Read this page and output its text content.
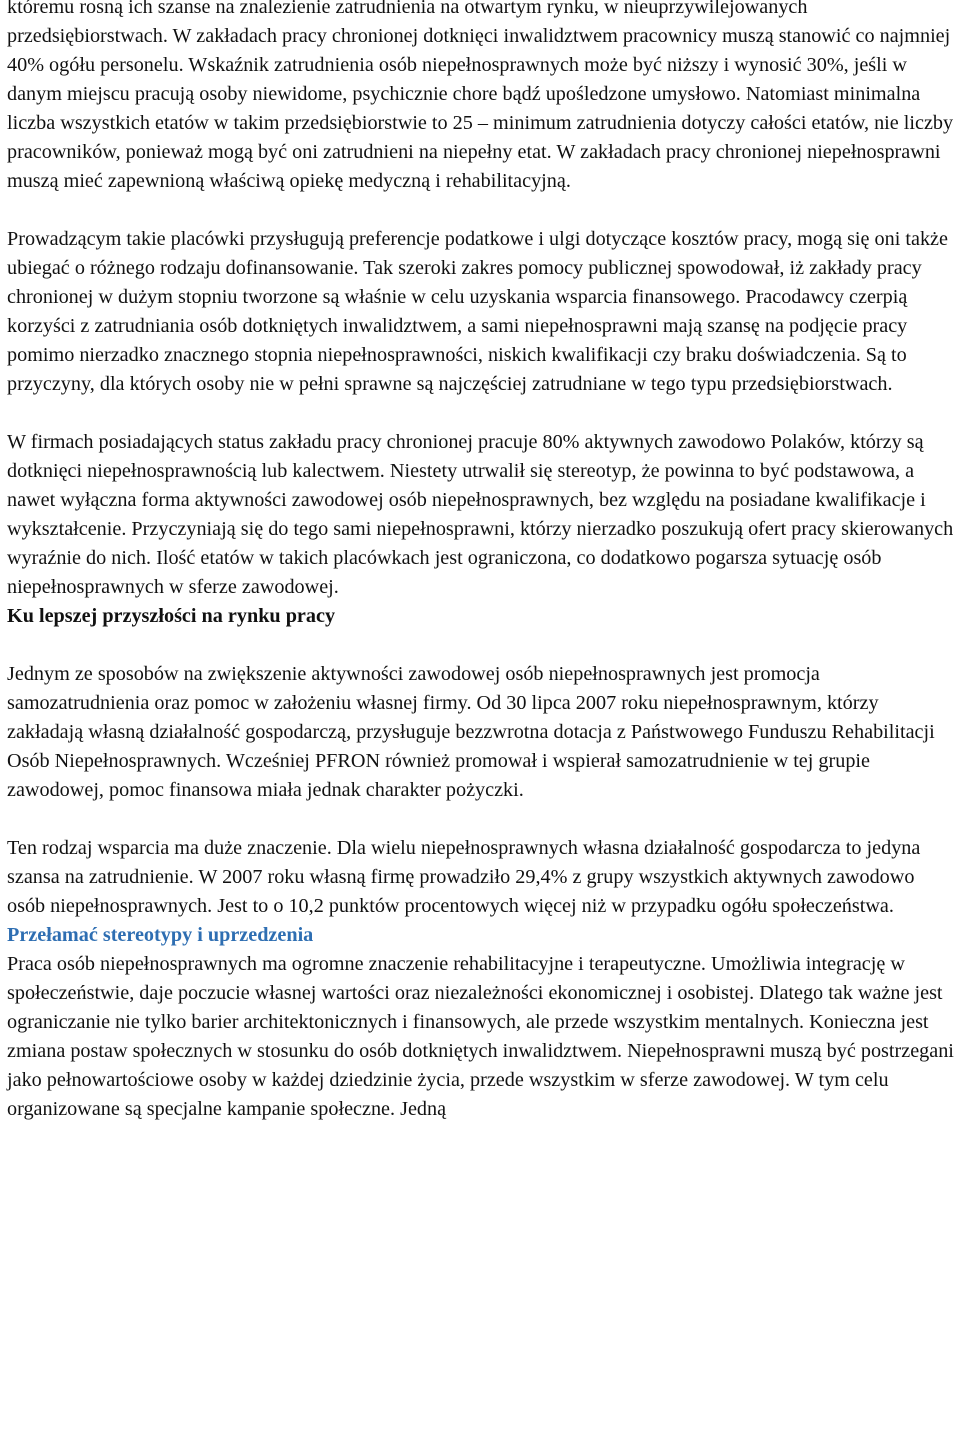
któremu rosną ich szanse na znalezienie zatrudnienia na otwartym rynku, w nieuprzywilejowanych przedsiębiorstwach. W zakładach pracy chronionej dotknięci inwalidztwem pracownicy muszą stanowić co najmniej 40% ogółu personelu. Wskaźnik zatrudnienia osób niepełnosprawnych może być niższy i wynosić 30%, jeśli w danym miejscu pracują osoby niewidome, psychicznie chore bądź upośledzone umysłowo. Natomiast minimalna liczba wszystkich etatów w takim przedsiębiorstwie to 25 – minimum zatrudnienia dotyczy całości etatów, nie liczby pracowników, ponieważ mogą być oni zatrudnieni na niepełny etat. W zakładach pracy chronionej niepełnosprawni muszą mieć zapewnioną właściwą opiekę medyczną i rehabilitacyjną.

Prowadzącym takie placówki przysługują preferencje podatkowe i ulgi dotyczące kosztów pracy, mogą się oni także ubiegać o różnego rodzaju dofinansowanie. Tak szeroki zakres pomocy publicznej spowodował, iż zakłady pracy chronionej w dużym stopniu tworzone są właśnie w celu uzyskania wsparcia finansowego. Pracodawcy czerpią korzyści z zatrudniania osób dotkniętych inwalidztwem, a sami niepełnosprawni mają szansę na podjęcie pracy pomimo nierzadko znacznego stopnia niepełnosprawności, niskich kwalifikacji czy braku doświadczenia. Są to przyczyny, dla których osoby nie w pełni sprawne są najczęściej zatrudniane w tego typu przedsiębiorstwach.

W firmach posiadających status zakładu pracy chronionej pracuje 80% aktywnych zawodowo Polaków, którzy są dotknięci niepełnosprawnością lub kalectwem. Niestety utrwalił się stereotyp, że powinna to być podstawowa, a nawet wyłączna forma aktywności zawodowej osób niepełnosprawnych, bez względu na posiadane kwalifikacje i wykształcenie. Przyczyniają się do tego sami niepełnosprawni, którzy nierzadko poszukują ofert pracy skierowanych wyraźnie do nich. Ilość etatów w takich placówkach jest ograniczona, co dodatkowo pogarsza sytuację osób niepełnosprawnych w sferze zawodowej.

Ku lepszej przyszłości na rynku pracy

Jednym ze sposobów na zwiększenie aktywności zawodowej osób niepełnosprawnych jest promocja samozatrudnienia oraz pomoc w założeniu własnej firmy. Od 30 lipca 2007 roku niepełnosprawnym, którzy zakładają własną działalność gospodarczą, przysługuje bezzwrotna dotacja z Państwowego Funduszu Rehabilitacji Osób Niepełnosprawnych. Wcześniej PFRON również promował i wspierał samozatrudnienie w tej grupie zawodowej, pomoc finansowa miała jednak charakter pożyczki.

Ten rodzaj wsparcia ma duże znaczenie. Dla wielu niepełnosprawnych własna działalność gospodarcza to jedyna szansa na zatrudnienie. W 2007 roku własną firmę prowadziło 29,4% z grupy wszystkich aktywnych zawodowo osób niepełnosprawnych. Jest to o 10,2 punktów procentowych więcej niż w przypadku ogółu społeczeństwa.

Przełamać stereotypy i uprzedzenia

Praca osób niepełnosprawnych ma ogromne znaczenie rehabilitacyjne i terapeutyczne. Umożliwia integrację w społeczeństwie, daje poczucie własnej wartości oraz niezależności ekonomicznej i osobistej. Dlatego tak ważne jest ograniczanie nie tylko barier architektonicznych i finansowych, ale przede wszystkim mentalnych. Konieczna jest zmiana postaw społecznych w stosunku do osób dotkniętych inwalidztwem. Niepełnosprawni muszą być postrzegani jako pełnowartościowe osoby w każdej dziedzinie życia, przede wszystkim w sferze zawodowej. W tym celu organizowane są specjalne kampanie społeczne. Jedną
